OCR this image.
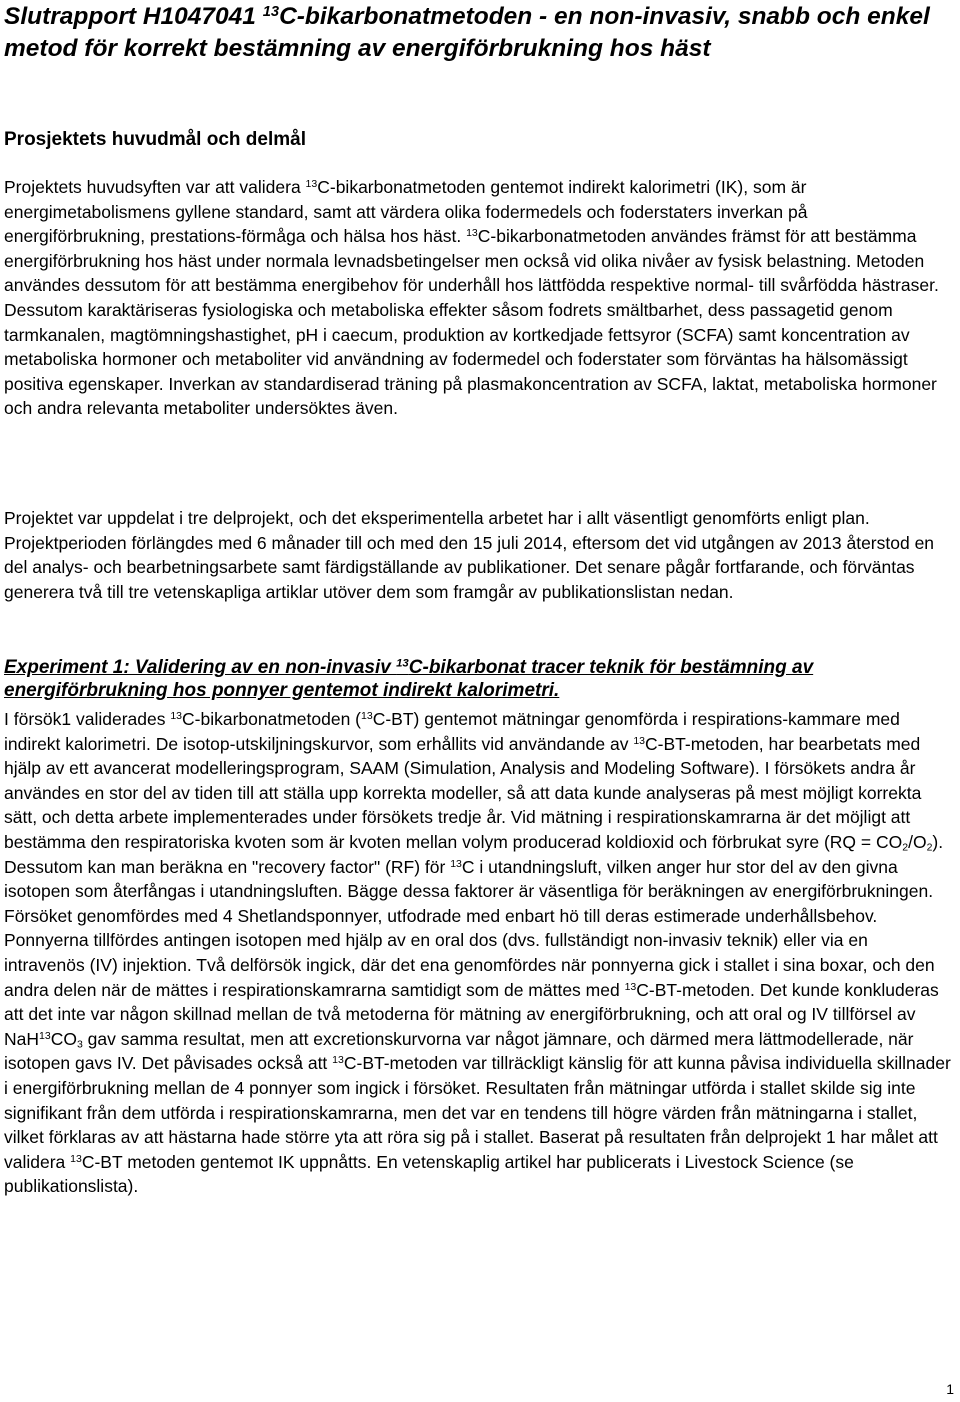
Slutrapport H1047041 $^{13}$C-bikarbonatmetoden - en non-invasiv, snabb och enkel metod för korrekt bestämning av energiförbrukning hos häst
Prosjektets huvudmål och delmål

Projektets huvudsyften var att validera $^{13}$C-bikarbonatmetoden gentemot indirekt kalorimetri (IK), som är energimetabolismens gyllene standard, samt att värdera olika fodermedels och foderstaters inverkan på energiförbrukning, prestations-förmåga och hälsa hos häst. $^{13}$C-bikarbonatmetoden användes främst för att bestämma energiförbrukning hos häst under normala levnadsbetingelser men också vid olika nivåer av fysisk belastning. Metoden användes dessutom för att bestämma energibehov för underhåll hos lättfödda respektive normal- till svårfödda hästraser. Dessutom karaktäriseras fysiologiska och metaboliska effekter såsom fodrets smältbarhet, dess passagetid genom tarmkanalen, magtömningshastighet, pH i caecum, produktion av kortkedjade fettsyror (SCFA) samt koncentration av metaboliska hormoner och metaboliter vid användning av fodermedel och foderstater som förväntas ha hälsomässigt positiva egenskaper. Inverkan av standardiserad träning på plasmakoncentration av SCFA, laktat, metaboliska hormoner och andra relevanta metaboliter undersöktes även.

Projektet var uppdelat i tre delprojekt, och det eksperimentella arbetet har i allt väsentligt genomförts enligt plan. Projektperioden förlängdes med 6 månader till och med den 15 juli 2014, eftersom det vid utgången av 2013 återstod en del analys- och bearbetningsarbete samt färdigställande av publikationer. Det senare pågår fortfarande, och förväntas generera två till tre vetenskapliga artiklar utöver dem som framgår av publikationslistan nedan.

Experiment 1: Validering av en non-invasiv $^{13}$C-bikarbonat tracer teknik för bestämning av energiförbrukning hos ponnyer gentemot indirekt kalorimetri.

I försök1 validerades $^{13}$C-bikarbonatmetoden ($^{13}$C-BT) gentemot mätningar genomförda i respirations-kammare med indirekt kalorimetri. De isotop-utskiljningskurvor, som erhållits vid användande av $^{13}$C-BT-metoden, har bearbetats med hjälp av ett avancerat modelleringsprogram, SAAM (Simulation, Analysis and Modeling Software). I försökets andra år användes en stor del av tiden till att ställa upp korrekta modeller, så att data kunde analyseras på mest möjligt korrekta sätt, och detta arbete implementerades under försökets tredje år. Vid mätning i respirationskamrarna är det möjligt att bestämma den respiratoriska kvoten som är kvoten mellan volym producerad koldioxid och förbrukat syre $(RQ = CO_2/O_2)$. Dessutom kan man beräkna en "recovery factor" (RF) för $^{13}$C i utandningsluft, vilken anger hur stor del av den givna isotopen som återfångas i utandningsluften. Bägge dessa faktorer är väsentliga för beräkningen av energiförbrukningen. Försöket genomfördes med 4 Shetlandsponnyer, utfodrade med enbart hö till deras estimerade underhållsbehov. Ponnyerna tillfördes antingen isotopen med hjälp av en oral dos (dvs. fullständigt non-invasiv teknik) eller via en intravenös (IV) injektion. Två delförsök ingick, där det ena genomfördes när ponnyerna gick i stallet i sina boxar, och den andra delen när de mättes i respirationskamrarna samtidigt som de mättes med $^{13}$C-BT-metoden. Det kunde konkluderas att det inte var någon skillnad mellan de två metoderna för mätning av energiförbrukning, och att oral og IV tillförsel av $NaH^{13}CO_3$ gav samma resultat, men att excretionskurvorna var något jämnare, och därmed mera lättmodellerade, när isotopen gavs IV. Det påvisades också att $^{13}$C-BT-metoden var tillräckligt känslig för att kunna påvisa individuella skillnader i energiförbrukning mellan de 4 ponnyer som ingick i försöket. Resultaten från mätningar utförda i stallet skilde sig inte signifikant från dem utförda i respirationskamrarna, men det var en tendens till högre värden från mätningarna i stallet, vilket förklaras av att hästarna hade större yta att röra sig på i stallet. Baserat på resultaten från delprojekt 1 har målet att validera $^{13}$C-BT metoden gentemot IK uppnåtts. En vetenskaplig artikel har publicerats i Livestock Science (se publikationslista).

1
